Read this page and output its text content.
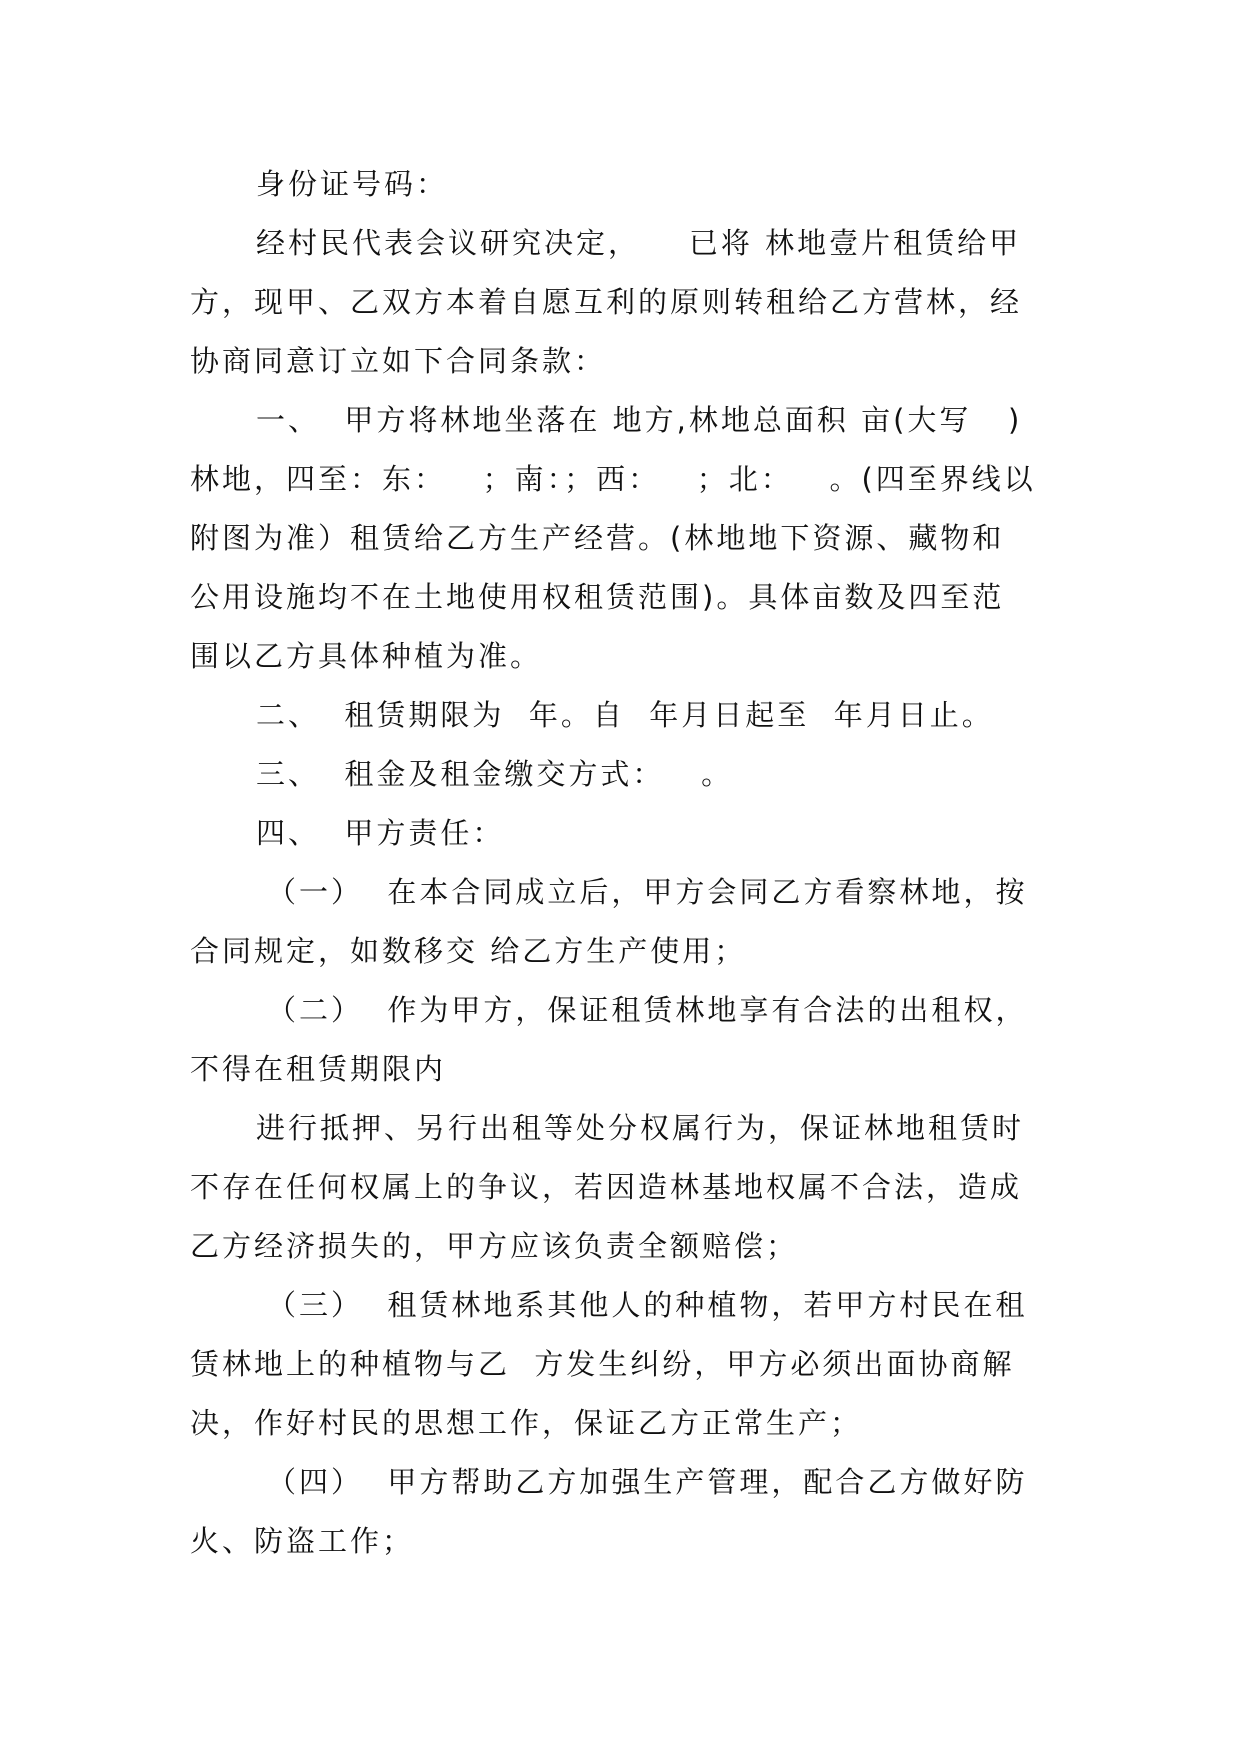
身份证号码：
经村民代表会议研究决定，    已将 林地壹片租赁给甲
方，现甲、乙双方本着自愿互利的原则转租给乙方营林，经
协商同意订立如下合同条款：
一、  甲方将林地坐落在 地方,林地总面积 亩(大写   )
林地，四至：东：   ；南：；西：   ；北：   。(四至界线以
附图为准）租赁给乙方生产经营。(林地地下资源、藏物和
公用设施均不在土地使用权租赁范围)。具体亩数及四至范
围以乙方具体种植为准。
二、  租赁期限为  年。自  年月日起至  年月日止。
三、  租金及租金缴交方式：   。
四、  甲方责任：
（一）  在本合同成立后，甲方会同乙方看察林地，按
合同规定，如数移交 给乙方生产使用；
（二）  作为甲方，保证租赁林地享有合法的出租权，
不得在租赁期限内
进行抵押、另行出租等处分权属行为，保证林地租赁时
不存在任何权属上的争议，若因造林基地权属不合法，造成
乙方经济损失的，甲方应该负责全额赔偿；
（三）  租赁林地系其他人的种植物，若甲方村民在租
赁林地上的种植物与乙  方发生纠纷，甲方必须出面协商解
决，作好村民的思想工作，保证乙方正常生产；
（四）  甲方帮助乙方加强生产管理，配合乙方做好防
火、防盗工作；
